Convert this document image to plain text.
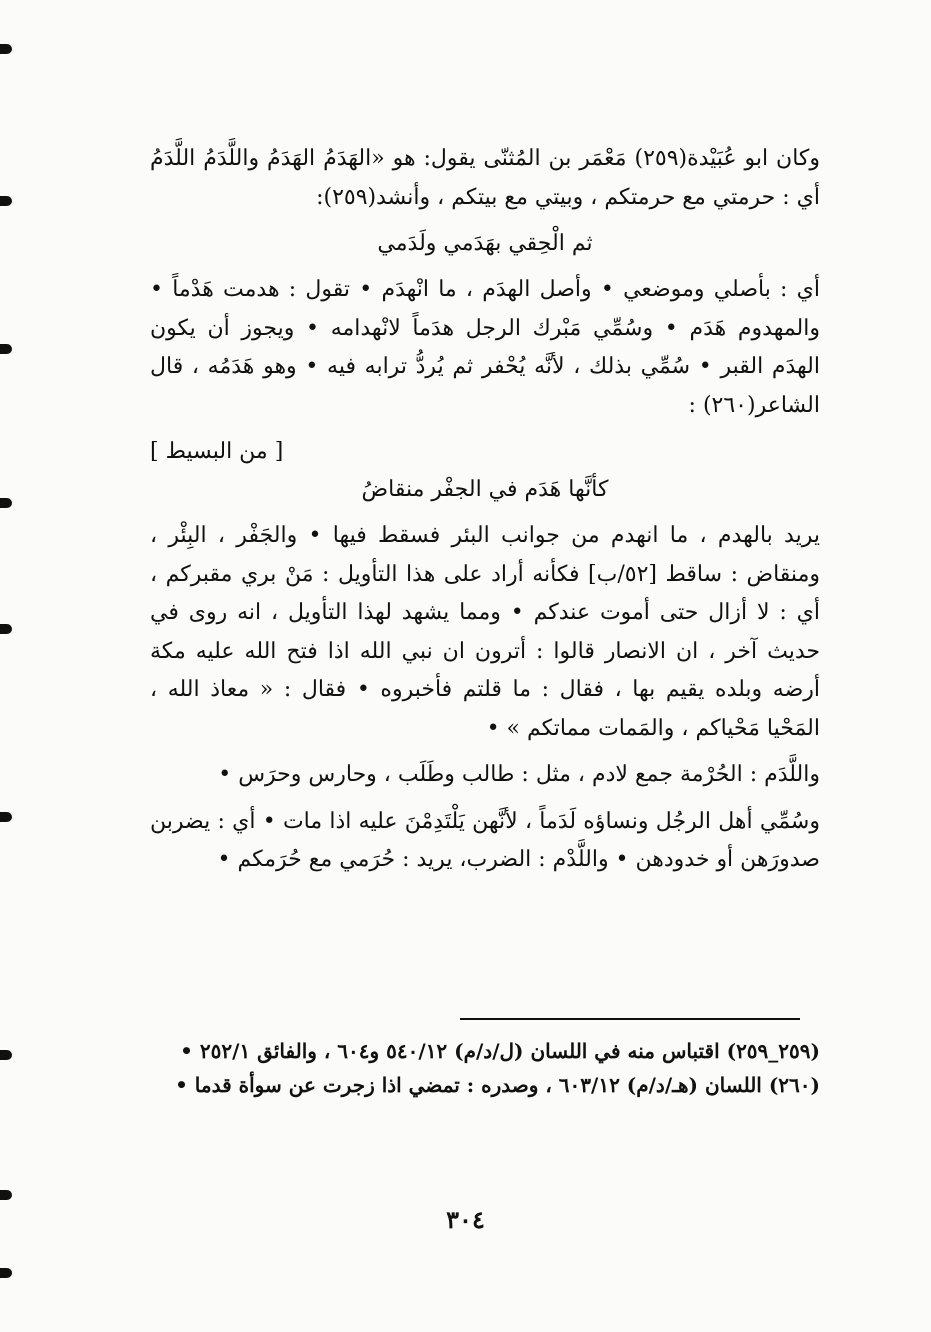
وكان ابو عُبَيْدة(٢٥٩) مَعْمَر بن المُثنّى يقول: هو «الهَدَمُ الهَدَمُ واللَّدَمُ اللَّدَمُ أي : حرمتي مع حرمتكم ، وبيتي مع بيتكم ، وأنشد(٢٥٩):

ثم الْحِقي بهَدَمي ولَدَمي

أي : بأصلي وموضعي • وأصل الهدَم ، ما انْهدَم • تقول : هدمت هَدْماً • والمهدوم هَدَم • وسُمِّي مَبْرك الرجل هدَماً لانْهدامه • ويجوز أن يكون الهدَم القبر • سُمِّي بذلك ، لأنَّه يُحْفر ثم يُردُّ ترابه فيه • وهو هَدَمُه ، قال الشاعر(٢٦٠) :

[ من البسيط ]

كأنَّها هَدَم في الجفْر منقاضُ

يريد بالهدم ، ما انهدم من جوانب البئر فسقط فيها • والجَفْر ، البِئْر ، ومنقاض : ساقط [٥٢/ب] فكأنه أراد على هذا التأويل : مَنْ بري مقبركم ، أي : لا أزال حتى أموت عندكم • ومما يشهد لهذا التأويل ، انه روى في حديث آخر ، ان الانصار قالوا : أترون ان نبي الله اذا فتح الله عليه مكة أرضه وبلده يقيم بها ، فقال : ما قلتم فأخبروه • فقال : « معاذ الله ، المَحْيا مَحْياكم ، والمَمات مماتكم » •

واللَّدَم : الحُرْمة جمع لادم ، مثل : طالب وطَلَب ، وحارس وحرَس •

وسُمِّي أهل الرجُل ونساؤه لَدَماً ، لأنَّهن يَلْتَدِمْنَ عليه اذا مات • أي : يضربن صدورَهن أو خدودهن • واللَّدْم : الضرب، يريد : حُرَمي مع حُرَمكم •

(٢٥٩_٢٥٩) اقتباس منه في اللسان (ل/د/م) ٥٤٠/١٢ و٦٠٤ ، والفائق ٢٥٢/١ •

(٢٦٠) اللسان (هـ/د/م) ٦٠٣/١٢ ، وصدره : تمضي اذا زجرت عن سوأة قدما •

٣٠٤
